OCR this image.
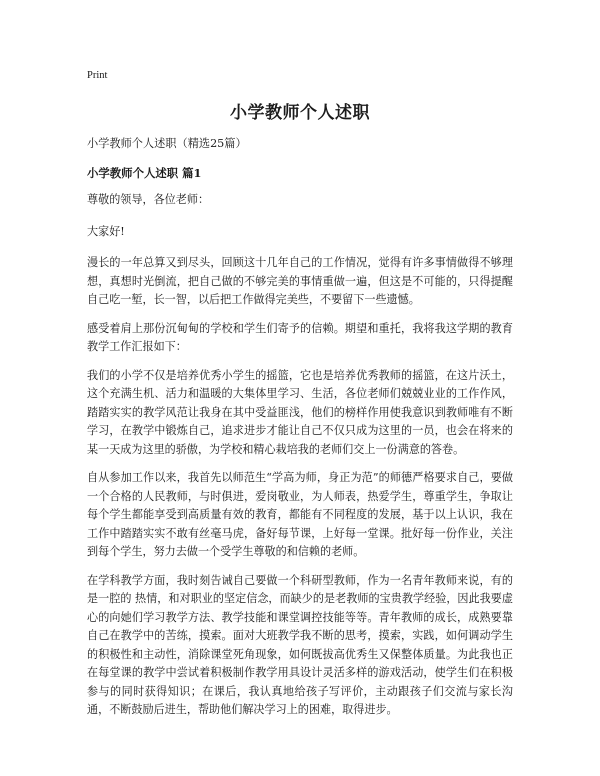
Print
小学教师个人述职
小学教师个人述职（精选25篇）
小学教师个人述职 篇1

尊敬的领导，各位老师：

大家好!

漫长的一年总算又到尽头，回顾这十几年自己的工作情况，觉得有许多事情做得不够理想，真想时光倒流，把自己做的不够完美的事情重做一遍，但这是不可能的，只得提醒自己吃一堑，长一智，以后把工作做得完美些，不要留下一些遗憾。

感受着肩上那份沉甸甸的学校和学生们寄予的信赖。期望和重托，我将我这学期的教育教学工作汇报如下：

我们的小学不仅是培养优秀小学生的摇篮，它也是培养优秀教师的摇篮，在这片沃土，这个充满生机、活力和温暖的大集体里学习、生活，各位老师们兢兢业业的工作作风，踏踏实实的教学风范让我身在其中受益匪浅，他们的榜样作用使我意识到教师唯有不断学习，在教学中锻炼自己，追求进步才能让自己不仅只成为这里的一员，也会在将来的某一天成为这里的骄傲，为学校和精心栽培我的老师们交上一份满意的答卷。

自从参加工作以来，我首先以师范生“学高为师，身正为范”的师德严格要求自己，要做一个合格的人民教师，与时俱进，爱岗敬业，为人师表，热爱学生，尊重学生，争取让每个学生都能享受到高质量有效的教育，都能有不同程度的发展，基于以上认识，我在工作中踏踏实实不敢有丝毫马虎，备好每节课，上好每一堂课。批好每一份作业，关注到每个学生，努力去做一个受学生尊敬的和信赖的老师。

在学科教学方面，我时刻告诫自己要做一个科研型教师，作为一名青年教师来说，有的是一腔的 热情，和对职业的坚定信念，而缺少的是老教师的宝贵教学经验，因此我要虚心的向她们学习教学方法、教学技能和课堂调控技能等等。青年教师的成长，成熟要靠自己在教学中的苦练，摸索。面对大班教学我不断的思考，摸索，实践，如何调动学生的积极性和主动性，消除课堂死角现象，如何既拔高优秀生又保整体质量。为此我也正在每堂课的教学中尝试着积极制作教学用具设计灵活多样的游戏活动，使学生们在积极参与的同时获得知识；在课后，我认真地给孩子写评价，主动跟孩子们交流与家长沟通，不断鼓励后进生，帮助他们解决学习上的困难，取得进步。
